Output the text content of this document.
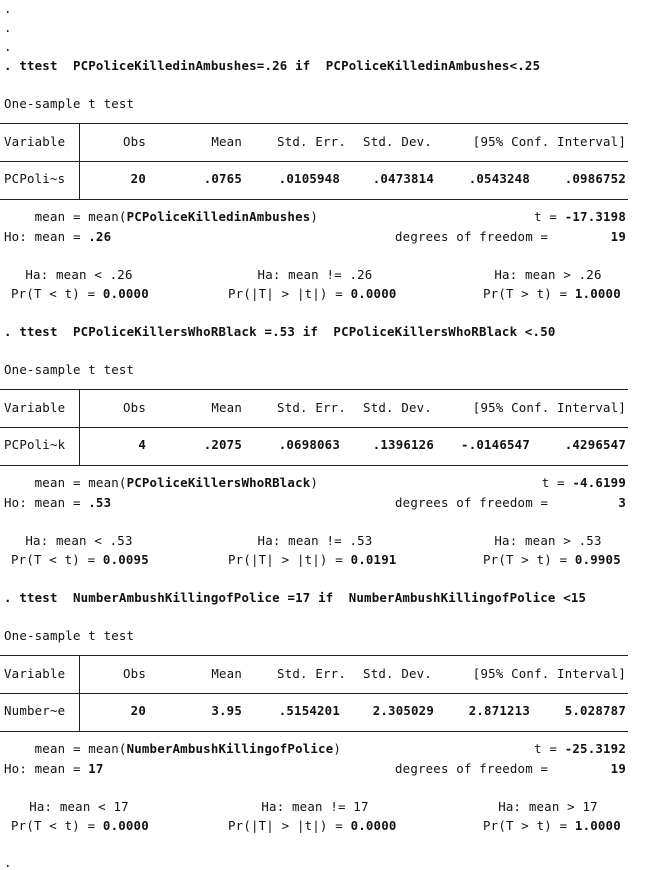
.
.
.
. ttest  PCPoliceKilledinAmbushes=.26 if  PCPoliceKilledinAmbushes<.25
One-sample t test
Variable	Obs	Mean	Std. Err.	Std. Dev.	[95% Conf. Interval]
PCPoli~s	20	.0765	.0105948	.0473814	.0543248	.0986752
mean = mean(PCPoliceKilledinAmbushes)	t = -17.3198
Ho: mean = .26	degrees of freedom =	19
Ha: mean < .26	Ha: mean != .26	Ha: mean > .26
Pr(T < t) = 0.0000	Pr(|T| > |t|) = 0.0000	Pr(T > t) = 1.0000
. ttest  PCPoliceKillersWhoRBlack =.53 if  PCPoliceKillersWhoRBlack <.50
One-sample t test
Variable	Obs	Mean	Std. Err.	Std. Dev.	[95% Conf. Interval]
PCPoli~k	4	.2075	.0698063	.1396126	-.0146547	.4296547
mean = mean(PCPoliceKillersWhoRBlack)	t = -4.6199
Ho: mean = .53	degrees of freedom =	3
Ha: mean < .53	Ha: mean != .53	Ha: mean > .53
Pr(T < t) = 0.0095	Pr(|T| > |t|) = 0.0191	Pr(T > t) = 0.9905
. ttest  NumberAmbushKillingofPolice =17 if  NumberAmbushKillingofPolice <15
One-sample t test
Variable	Obs	Mean	Std. Err.	Std. Dev.	[95% Conf. Interval]
Number~e	20	3.95	.5154201	2.305029	2.871213	5.028787
mean = mean(NumberAmbushKillingofPolice)	t = -25.3192
Ho: mean = 17	degrees of freedom =	19
Ha: mean < 17	Ha: mean != 17	Ha: mean > 17
Pr(T < t) = 0.0000	Pr(|T| > |t|) = 0.0000	Pr(T > t) = 1.0000
.
